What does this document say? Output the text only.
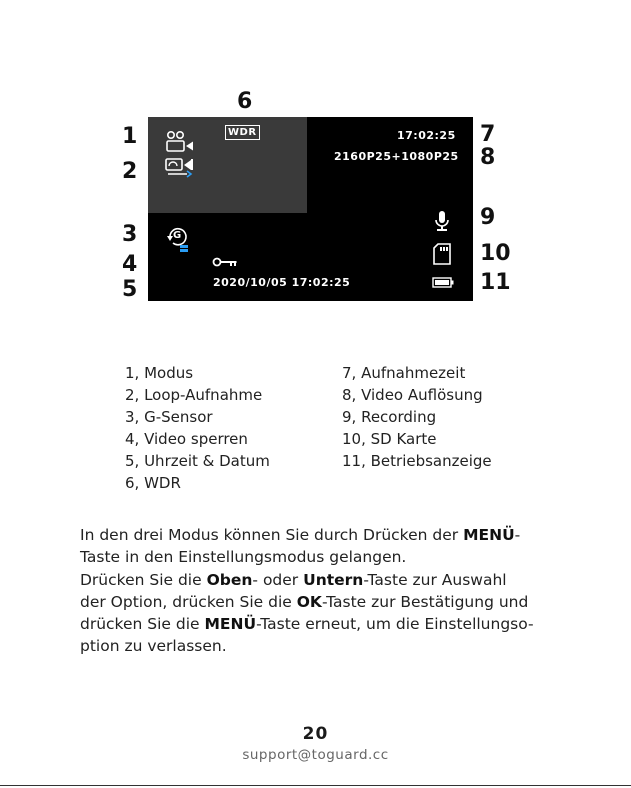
1
2
3
4
5
6
7
8
9
10
11
WDR	17:02:25
2160P25+1080P25
G
2020/10/05 17:02:25
1, Modus
2, Loop-Aufnahme
3, G-Sensor
4, Video sperren
5, Uhrzeit & Datum
6, WDR
7, Aufnahmezeit
8, Video Auflösung
9, Recording
10, SD Karte
11, Betriebsanzeige
In den drei Modus können Sie durch Drücken der MENÜ-
Taste in den Einstellungsmodus gelangen.
Drücken Sie die Oben- oder Untern-Taste zur Auswahl
der Option, drücken Sie die OK-Taste zur Bestätigung und
drücken Sie die MENÜ-Taste erneut, um die Einstellungso-
ption zu verlassen.
20
support@toguard.cc
